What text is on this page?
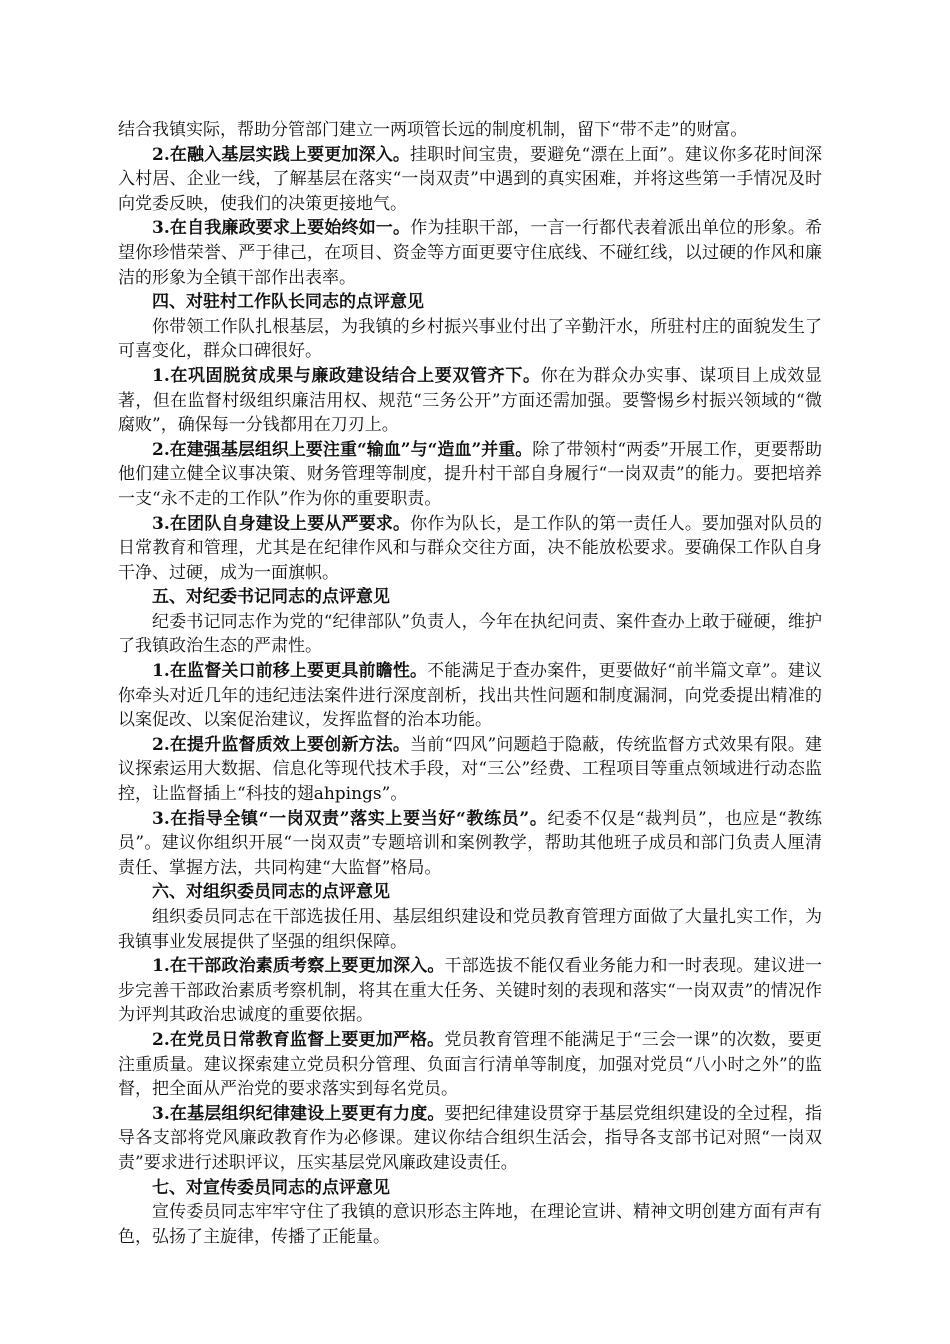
结合我镇实际，帮助分管部门建立一两项管长远的制度机制，留下“带不走”的财富。

2.在融入基层实践上要更加深入。挂职时间宝贵，要避免“漂在上面”。建议你多花时间深入村居、企业一线，了解基层在落实“一岗双责”中遇到的真实困难，并将这些第一手情况及时向党委反映，使我们的决策更接地气。

3.在自我廉政要求上要始终如一。作为挂职干部，一言一行都代表着派出单位的形象。希望你珍惜荣誉、严于律己，在项目、资金等方面更要守住底线、不碰红线，以过硬的作风和廉洁的形象为全镇干部作出表率。

四、对驻村工作队长同志的点评意见

你带领工作队扎根基层，为我镇的乡村振兴事业付出了辛勤汗水，所驻村庄的面貌发生了可喜变化，群众口碑很好。

1.在巩固脱贫成果与廉政建设结合上要双管齐下。你在为群众办实事、谋项目上成效显著，但在监督村级组织廉洁用权、规范“三务公开”方面还需加强。要警惕乡村振兴领域的“微腐败”，确保每一分钱都用在刀刃上。

2.在建强基层组织上要注重“输血”与“造血”并重。除了带领村“两委”开展工作，更要帮助他们建立健全议事决策、财务管理等制度，提升村干部自身履行“一岗双责”的能力。要把培养一支“永不走的工作队”作为你的重要职责。

3.在团队自身建设上要从严要求。你作为队长，是工作队的第一责任人。要加强对队员的日常教育和管理，尤其是在纪律作风和与群众交往方面，决不能放松要求。要确保工作队自身干净、过硬，成为一面旗帜。

五、对纪委书记同志的点评意见

纪委书记同志作为党的“纪律部队”负责人，今年在执纪问责、案件查办上敢于碰硬，维护了我镇政治生态的严肃性。

1.在监督关口前移上要更具前瞻性。不能满足于查办案件，更要做好“前半篇文章”。建议你牵头对近几年的违纪违法案件进行深度剖析，找出共性问题和制度漏洞，向党委提出精准的以案促改、以案促治建议，发挥监督的治本功能。

2.在提升监督质效上要创新方法。当前“四风”问题趋于隐蔽，传统监督方式效果有限。建议探索运用大数据、信息化等现代技术手段，对“三公”经费、工程项目等重点领域进行动态监控，让监督插上“科技的翅ahpings”。

3.在指导全镇“一岗双责”落实上要当好“教练员”。纪委不仅是“裁判员”，也应是“教练员”。建议你组织开展“一岗双责”专题培训和案例教学，帮助其他班子成员和部门负责人厘清责任、掌握方法，共同构建“大监督”格局。

六、对组织委员同志的点评意见

组织委员同志在干部选拔任用、基层组织建设和党员教育管理方面做了大量扎实工作，为我镇事业发展提供了坚强的组织保障。

1.在干部政治素质考察上要更加深入。干部选拔不能仅看业务能力和一时表现。建议进一步完善干部政治素质考察机制，将其在重大任务、关键时刻的表现和落实“一岗双责”的情况作为评判其政治忠诚度的重要依据。

2.在党员日常教育监督上要更加严格。党员教育管理不能满足于“三会一课”的次数，要更注重质量。建议探索建立党员积分管理、负面言行清单等制度，加强对党员“八小时之外”的监督，把全面从严治党的要求落实到每名党员。

3.在基层组织纪律建设上要更有力度。要把纪律建设贯穿于基层党组织建设的全过程，指导各支部将党风廉政教育作为必修课。建议你结合组织生活会，指导各支部书记对照“一岗双责”要求进行述职评议，压实基层党风廉政建设责任。

七、对宣传委员同志的点评意见

宣传委员同志牢牢守住了我镇的意识形态主阵地，在理论宣讲、精神文明创建方面有声有色，弘扬了主旋律，传播了正能量。
